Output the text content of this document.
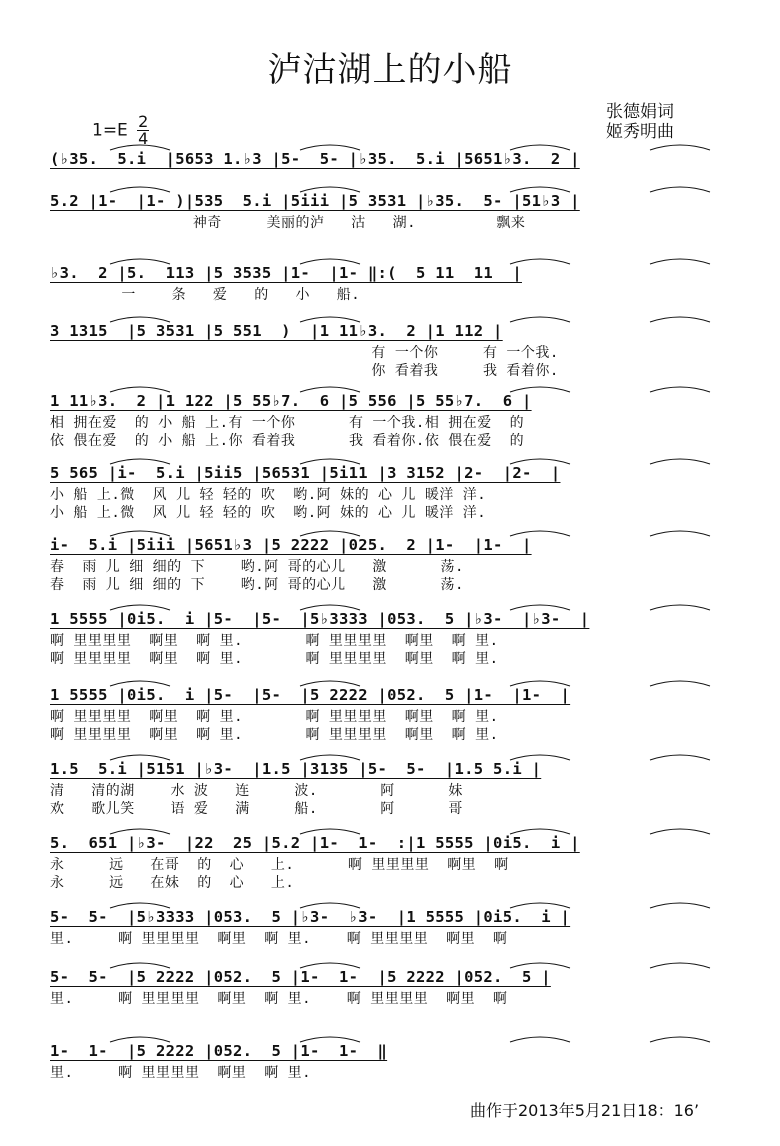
泸沽湖上的小船
$1=E \frac{2}{4}$
张德娟词
姬秀明曲
(♭35.  5.i  |5653 1.♭3 |5-  5- |♭35.  5.i |5651♭3.  2 |
5.2 |1-  |1- )|535  5.i |5iii |5 3531 |♭35.  5- |51♭3 |
神奇     美丽的泸   沽   湖.         飘来
♭3.  2 |5.  113 |5 3535 |1-  |1- ‖:(  5 11  11  |
一    条   爱   的   小   船.
3 1315  |5 3531 |5 551  )  |1 11♭3.  2 |1 112 |
有 一个你     有 一个我.
你 看着我     我 看着你.
1 11♭3.  2 |1 122 |5 55♭7.  6 |5 556 |5 55♭7.  6 |
相 拥在爱  的 小 船 上.有 一个你      有 一个我.相 拥在爱  的
依 偎在爱  的 小 船 上.你 看着我      我 看着你.依 偎在爱  的
5 565 |i-  5.i |5ii5 |56531 |5i11 |3 3152 |2-  |2-  |
小 船 上.微  风 儿 轻 轻的 吹  哟.阿 妹的 心 儿 暖洋 洋.
小 船 上.微  风 儿 轻 轻的 吹  哟.阿 妹的 心 儿 暖洋 洋.
i-  5.i |5iii |5651♭3 |5 2222 |025.  2 |1-  |1-  |
春  雨 儿 细 细的 下    哟.阿 哥的心儿   激      荡.
春  雨 儿 细 细的 下    哟.阿 哥的心儿   激      荡.
1 5555 |0i5.  i |5-  |5-  |5♭3333 |053.  5 |♭3-  |♭3-  |
啊 里里里里  啊里  啊 里.       啊 里里里里  啊里  啊 里.
啊 里里里里  啊里  啊 里.       啊 里里里里  啊里  啊 里.
1 5555 |0i5.  i |5-  |5-  |5 2222 |052.  5 |1-  |1-  |
啊 里里里里  啊里  啊 里.       啊 里里里里  啊里  啊 里.
啊 里里里里  啊里  啊 里.       啊 里里里里  啊里  啊 里.
1.5  5.i |5151 |♭3-  |1.5 |3135 |5-  5-  |1.5 5.i |
清   清的湖    水 波   连     波.       阿      妹
欢   歌儿笑    语 爱   满     船.       阿      哥
5.  651 |♭3-  |22  25 |5.2 |1-  1-  :|1 5555 |0i5.  i |
永     远   在哥  的  心   上.      啊 里里里里  啊里  啊
永     远   在妹  的  心   上.
5-  5-  |5♭3333 |053.  5 |♭3-  ♭3-  |1 5555 |0i5.  i |
里.     啊 里里里里  啊里  啊 里.    啊 里里里里  啊里  啊
5-  5-  |5 2222 |052.  5 |1-  1-  |5 2222 |052.  5 |
里.     啊 里里里里  啊里  啊 里.    啊 里里里里  啊里  啊
1-  1-  |5 2222 |052.  5 |1-  1-  ‖
里.     啊 里里里里  啊里  啊 里.
曲作于2013年5月21日18：16’
